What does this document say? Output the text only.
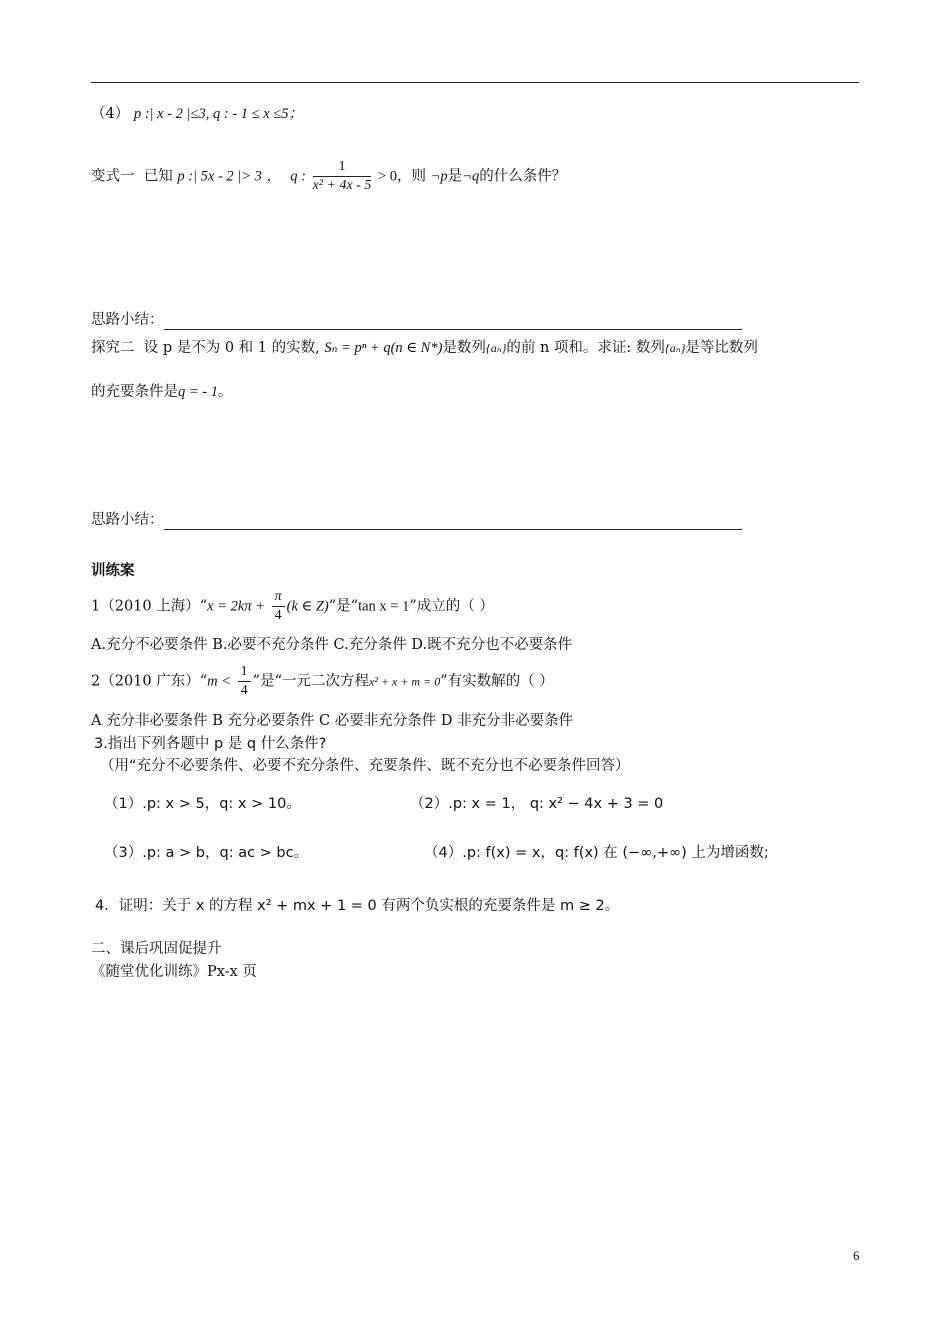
（4） p :| x - 2 |≤3, q : - 1 ≤ x ≤5；
变式一 已知 p :| 5x - 2 |> 3 ， q : $\frac{1}{\text{x² + 4x - 5}} > 0$，则 ¬p是¬q的什么条件？
思路小结：
探究二 设 p 是不为 0 和 1 的实数, Sₙ = pⁿ + q(n ∈ N*)是数列{aₙ}的前 n 项和。求证: 数列{aₙ}是等比数列
的充要条件是q = - 1。
思路小结：
训练案
1（2010 上海）“x = $2k\pi + \frac{\pi}{4} (k$ ∈ Z)”是“tan x = 1”成立的（ ）
A.充分不必要条件 B.必要不充分条件 C.充分条件 D.既不充分也不必要条件
2（2010 广东）“m < $\frac{1}{4}$ ”是“一元二次方程x² + x + m = 0”有实数解的（ ）
A 充分非必要条件 B 充分必要条件 C 必要非充分条件 D 非充分非必要条件
3.指出下列各题中 p 是 q 什么条件?
（用“充分不必要条件、必要不充分条件、充要条件、既不充分也不必要条件回答）
（1）.p: x > 5，q: x > 10。	（2）.p: x = 1， q: x² − 4x + 3 = 0
（3）.p: a > b，q: ac > bc。	（4）.p: f(x) = x，q: f(x) 在 (−∞,+∞) 上为增函数;
4．证明：关于 x 的方程 x² + mx + 1 = 0 有两个负实根的充要条件是 m ≥ 2。
二、课后巩固促提升
《随堂优化训练》Px-x 页
6
